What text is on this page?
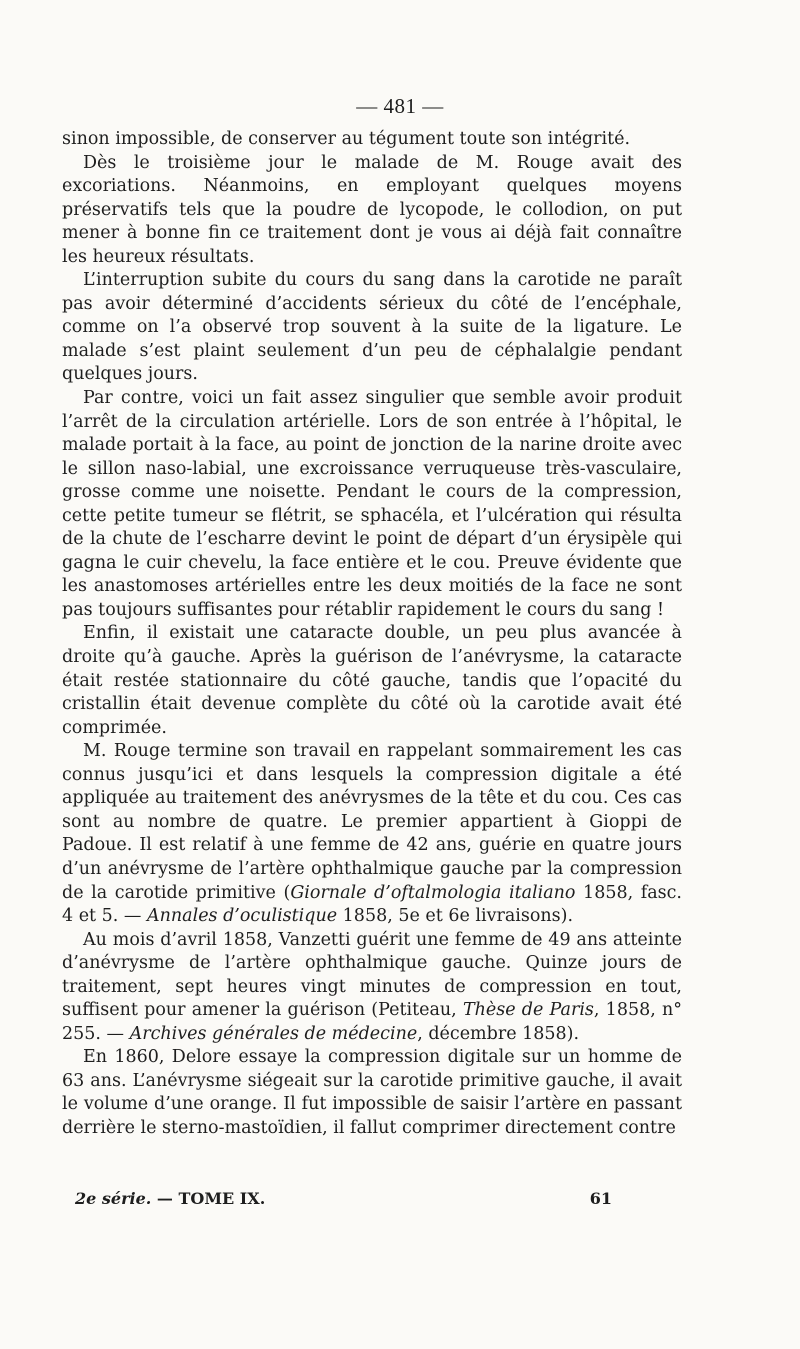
— 481 —

sinon impossible, de conserver au tégument toute son intégrité.

Dès le troisième jour le malade de M. Rouge avait des excoriations. Néanmoins, en employant quelques moyens préservatifs tels que la poudre de lycopode, le collodion, on put mener à bonne fin ce traitement dont je vous ai déjà fait connaître les heureux résultats.

L’interruption subite du cours du sang dans la carotide ne paraît pas avoir déterminé d’accidents sérieux du côté de l’encéphale, comme on l’a observé trop souvent à la suite de la ligature. Le malade s’est plaint seulement d’un peu de céphalalgie pendant quelques jours.

Par contre, voici un fait assez singulier que semble avoir produit l’arrêt de la circulation artérielle. Lors de son entrée à l’hôpital, le malade portait à la face, au point de jonction de la narine droite avec le sillon naso-labial, une excroissance verruqueuse très-vasculaire, grosse comme une noisette. Pendant le cours de la compression, cette petite tumeur se flétrit, se sphacéla, et l’ulcération qui résulta de la chute de l’escharre devint le point de départ d’un érysipèle qui gagna le cuir chevelu, la face entière et le cou. Preuve évidente que les anastomoses artérielles entre les deux moitiés de la face ne sont pas toujours suffisantes pour rétablir rapidement le cours du sang !

Enfin, il existait une cataracte double, un peu plus avancée à droite qu’à gauche. Après la guérison de l’anévrysme, la cataracte était restée stationnaire du côté gauche, tandis que l’opacité du cristallin était devenue complète du côté où la carotide avait été comprimée.

M. Rouge termine son travail en rappelant sommairement les cas connus jusqu’ici et dans lesquels la compression digitale a été appliquée au traitement des anévrysmes de la tête et du cou. Ces cas sont au nombre de quatre. Le premier appartient à Gioppi de Padoue. Il est relatif à une femme de 42 ans, guérie en quatre jours d’un anévrysme de l’artère ophthalmique gauche par la compression de la carotide primitive (Giornale d’oftalmologia italiano 1858, fasc. 4 et 5. — Annales d’oculistique 1858, 5e et 6e livraisons).

Au mois d’avril 1858, Vanzetti guérit une femme de 49 ans atteinte d’anévrysme de l’artère ophthalmique gauche. Quinze jours de traitement, sept heures vingt minutes de compression en tout, suffisent pour amener la guérison (Petiteau, Thèse de Paris, 1858, n° 255. — Archives générales de médecine, décembre 1858).

En 1860, Delore essaye la compression digitale sur un homme de 63 ans. L’anévrysme siégeait sur la carotide primitive gauche, il avait le volume d’une orange. Il fut impossible de saisir l’artère en passant derrière le sterno-mastoïdien, il fallut comprimer directement contre

2e série. — TOME IX.	61
